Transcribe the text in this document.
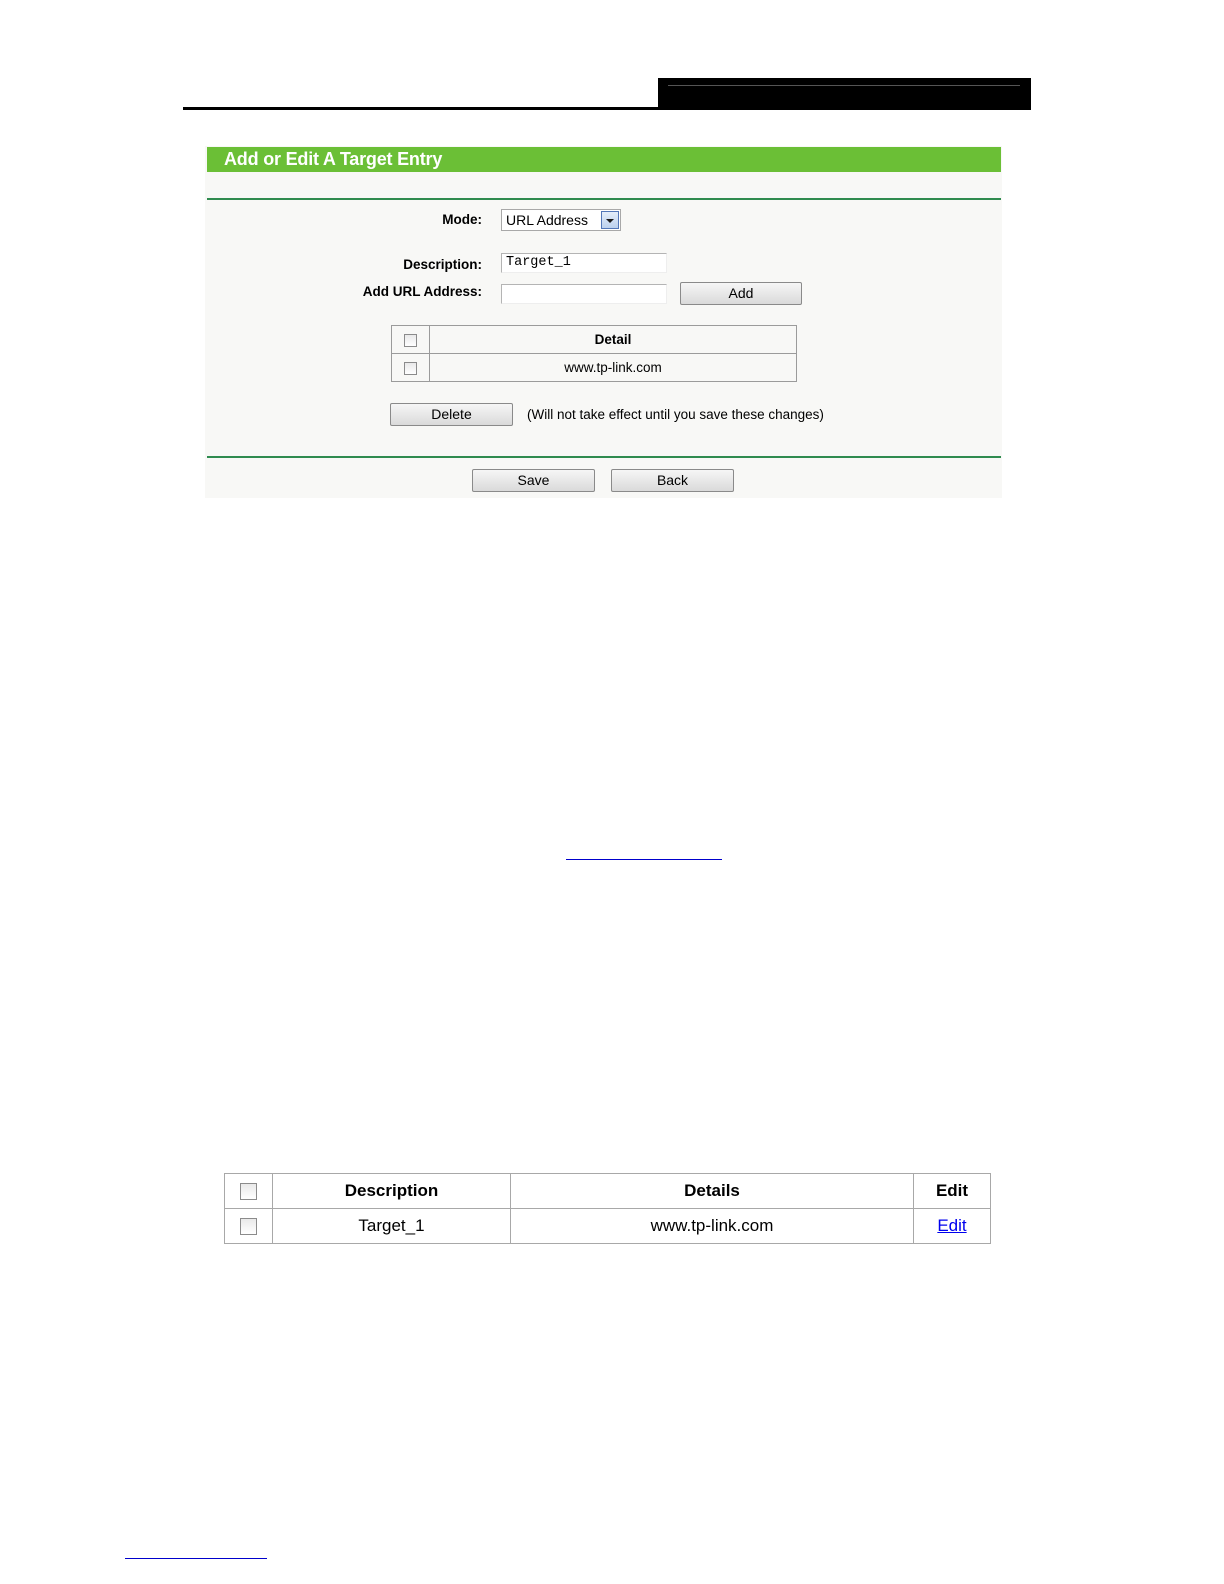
Add or Edit A Target Entry
Mode:	URL Address
Description:	Target_1
Add URL Address:	Add
	Detail
	www.tp-link.com
Delete	(Will not take effect until you save these changes)
Save	Back
	Description	Details	Edit
	Target_1	www.tp-link.com	Edit
